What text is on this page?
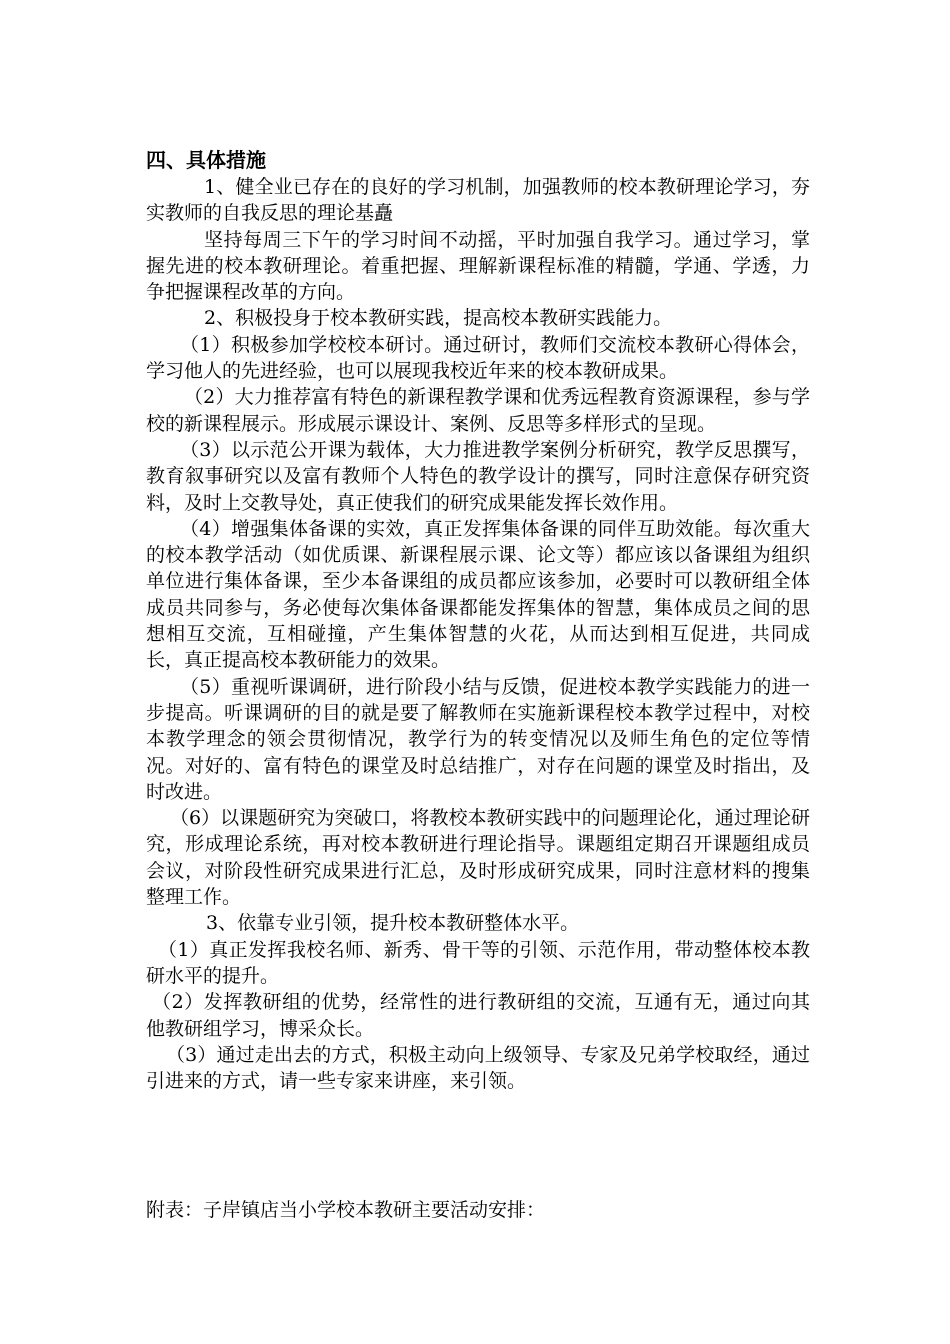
四、具体措施

1、健全业已存在的良好的学习机制，加强教师的校本教研理论学习，夯实教师的自我反思的理论基矗

坚持每周三下午的学习时间不动摇，平时加强自我学习。通过学习，掌握先进的校本教研理论。着重把握、理解新课程标准的精髓，学通、学透，力争把握课程改革的方向。

2、积极投身于校本教研实践，提高校本教研实践能力。

（1）积极参加学校校本研讨。通过研讨，教师们交流校本教研心得体会，学习他人的先进经验，也可以展现我校近年来的校本教研成果。

（2）大力推荐富有特色的新课程教学课和优秀远程教育资源课程，参与学校的新课程展示。形成展示课设计、案例、反思等多样形式的呈现。

（3）以示范公开课为载体，大力推进教学案例分析研究，教学反思撰写，教育叙事研究以及富有教师个人特色的教学设计的撰写，同时注意保存研究资料，及时上交教导处，真正使我们的研究成果能发挥长效作用。

（4）增强集体备课的实效，真正发挥集体备课的同伴互助效能。每次重大的校本教学活动（如优质课、新课程展示课、论文等）都应该以备课组为组织单位进行集体备课，至少本备课组的成员都应该参加，必要时可以教研组全体成员共同参与，务必使每次集体备课都能发挥集体的智慧，集体成员之间的思想相互交流，互相碰撞，产生集体智慧的火花，从而达到相互促进，共同成长，真正提高校本教研能力的效果。

（5）重视听课调研，进行阶段小结与反馈，促进校本教学实践能力的进一步提高。听课调研的目的就是要了解教师在实施新课程校本教学过程中，对校本教学理念的领会贯彻情况，教学行为的转变情况以及师生角色的定位等情况。对好的、富有特色的课堂及时总结推广，对存在问题的课堂及时指出，及时改进。

（6）以课题研究为突破口，将教校本教研实践中的问题理论化，通过理论研究，形成理论系统，再对校本教研进行理论指导。课题组定期召开课题组成员会议，对阶段性研究成果进行汇总，及时形成研究成果，同时注意材料的搜集整理工作。

3、依靠专业引领，提升校本教研整体水平。

（1）真正发挥我校名师、新秀、骨干等的引领、示范作用，带动整体校本教研水平的提升。

（2）发挥教研组的优势，经常性的进行教研组的交流，互通有无，通过向其他教研组学习，博采众长。

（3）通过走出去的方式，积极主动向上级领导、专家及兄弟学校取经，通过引进来的方式，请一些专家来讲座，来引领。

附表：子岸镇店当小学校本教研主要活动安排：
